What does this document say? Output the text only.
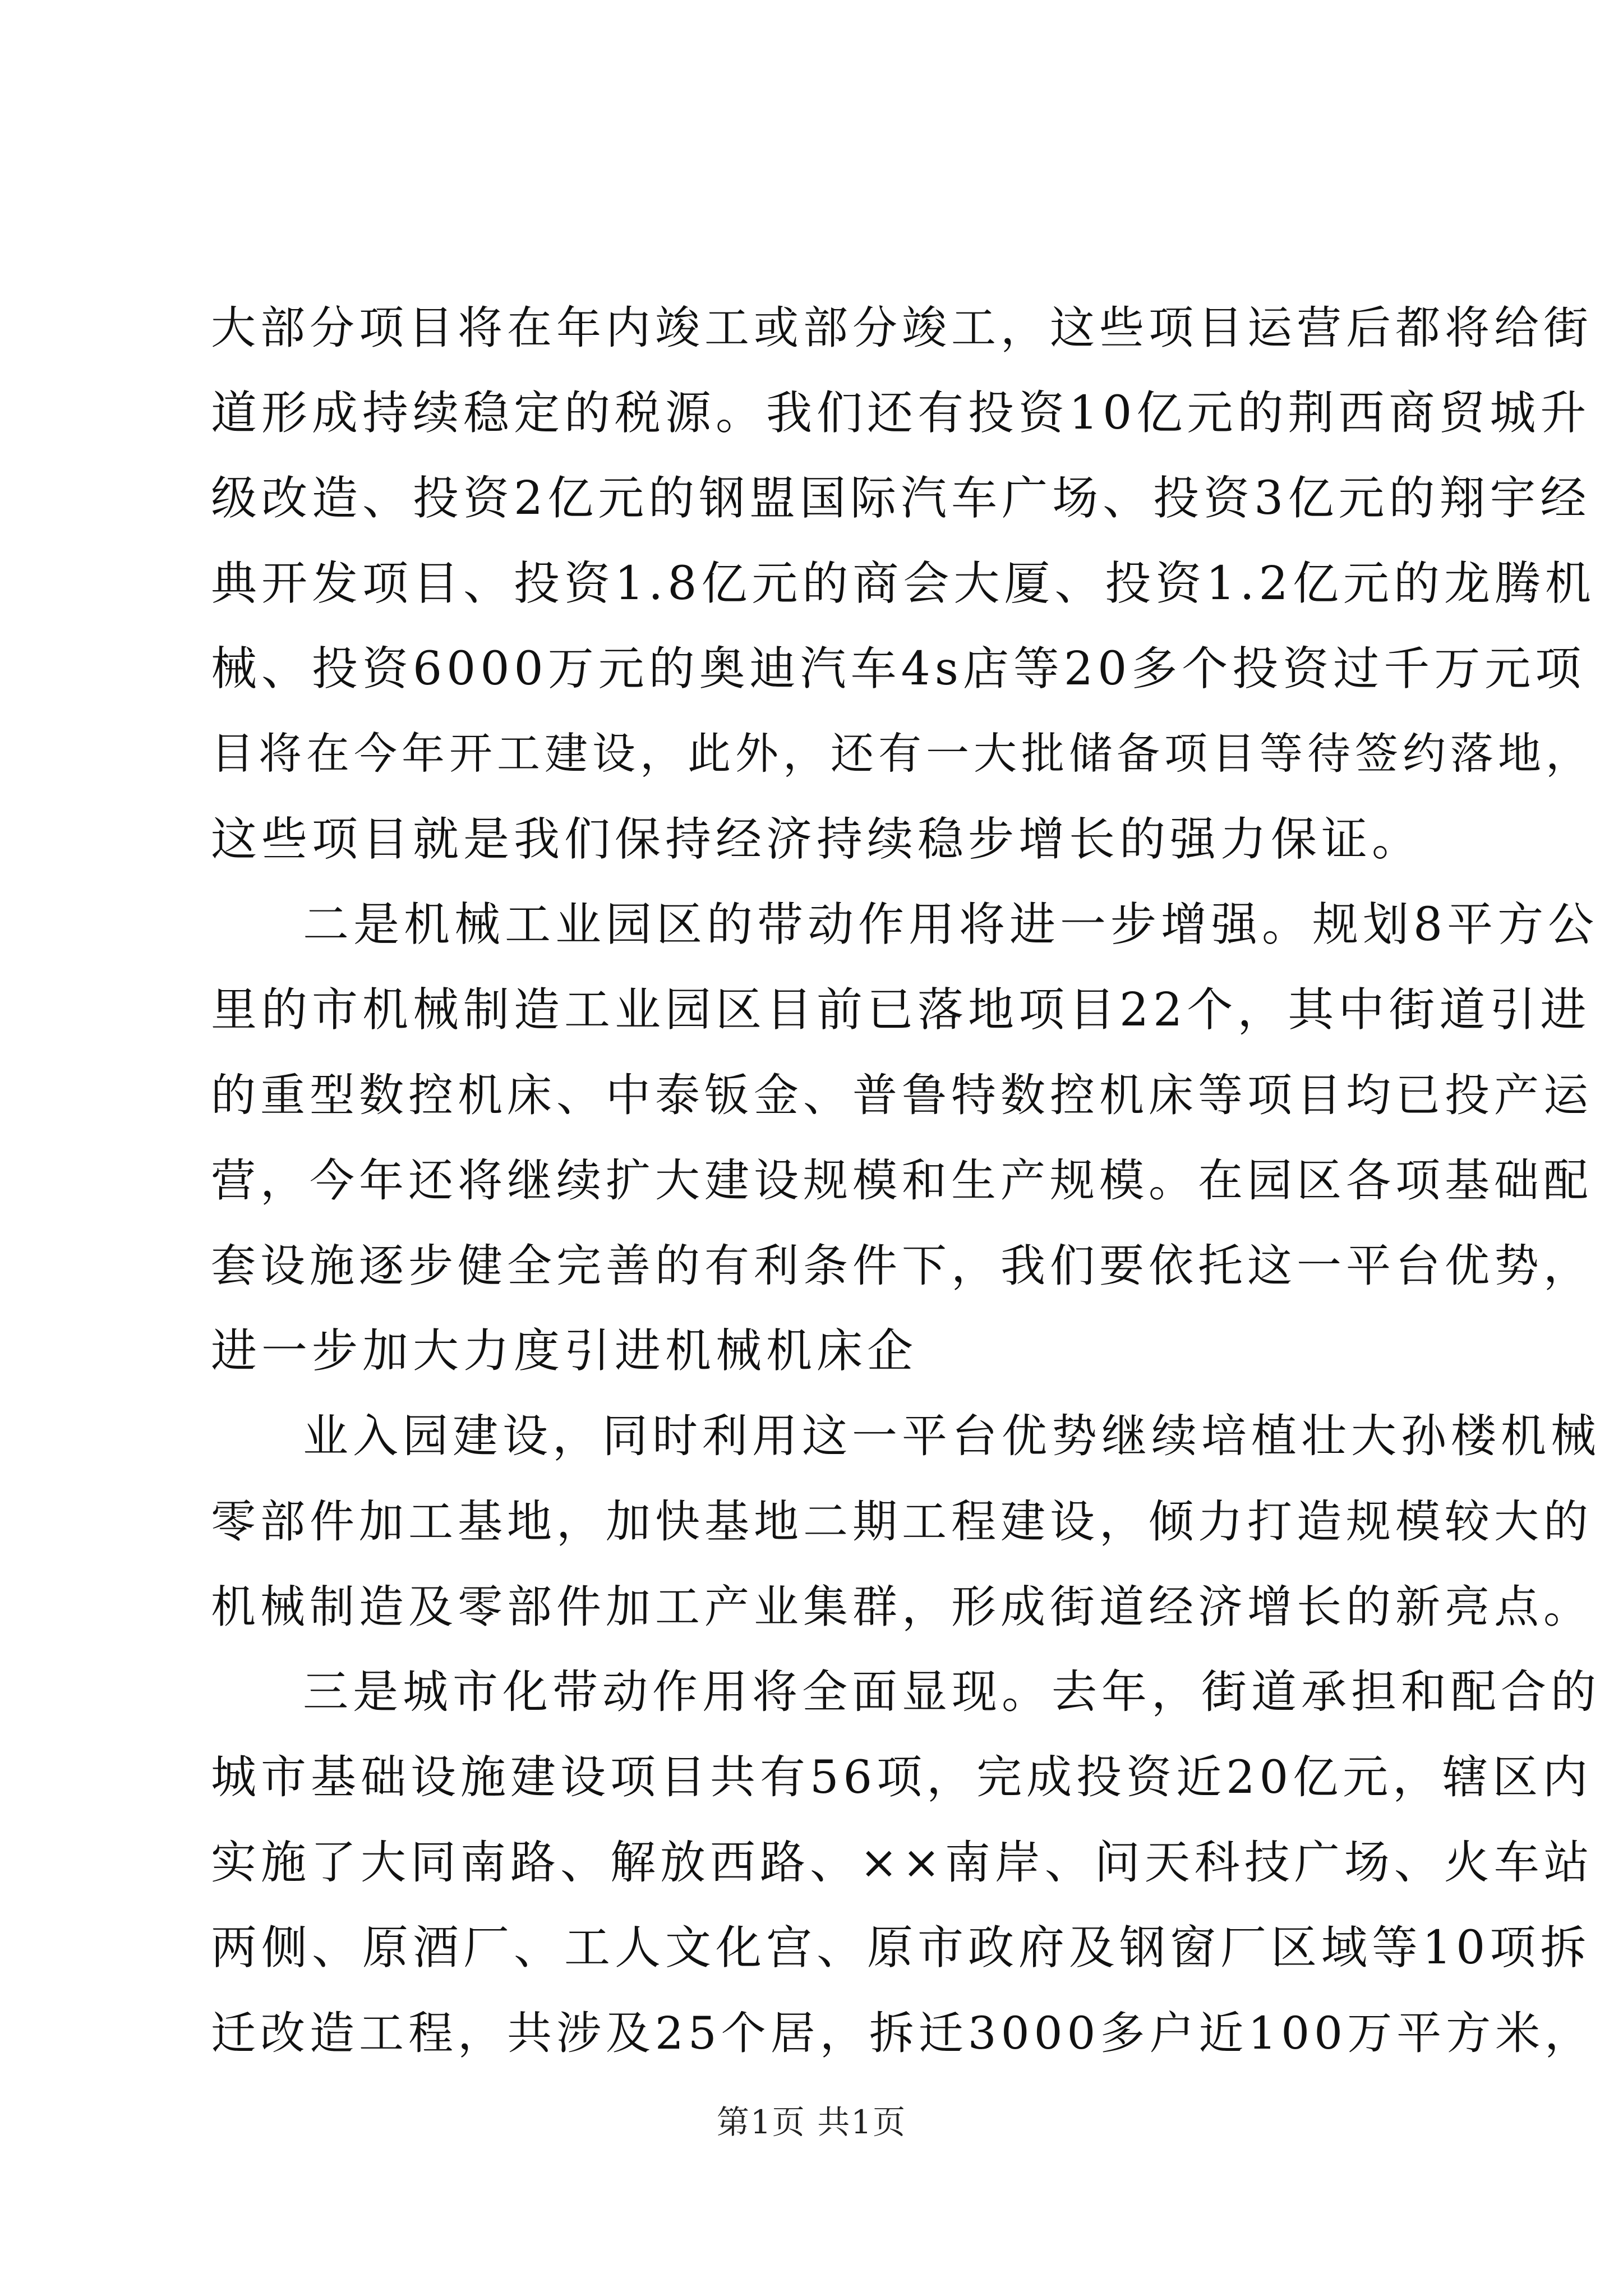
大部分项目将在年内竣工或部分竣工，这些项目运营后都将给街
道形成持续稳定的税源。我们还有投资10亿元的荆西商贸城升
级改造、投资2亿元的钢盟国际汽车广场、投资3亿元的翔宇经
典开发项目、投资1.8亿元的商会大厦、投资1.2亿元的龙腾机
械、投资6000万元的奥迪汽车4s店等20多个投资过千万元项
目将在今年开工建设，此外，还有一大批储备项目等待签约落地，
这些项目就是我们保持经济持续稳步增长的强力保证。
二是机械工业园区的带动作用将进一步增强。规划8平方公
里的市机械制造工业园区目前已落地项目22个，其中街道引进
的重型数控机床、中泰钣金、普鲁特数控机床等项目均已投产运
营，今年还将继续扩大建设规模和生产规模。在园区各项基础配
套设施逐步健全完善的有利条件下，我们要依托这一平台优势，
进一步加大力度引进机械机床企
业入园建设，同时利用这一平台优势继续培植壮大孙楼机械
零部件加工基地，加快基地二期工程建设，倾力打造规模较大的
机械制造及零部件加工产业集群，形成街道经济增长的新亮点。
三是城市化带动作用将全面显现。去年，街道承担和配合的
城市基础设施建设项目共有56项，完成投资近20亿元，辖区内
实施了大同南路、解放西路、××南岸、问天科技广场、火车站
两侧、原酒厂、工人文化宫、原市政府及钢窗厂区域等10项拆
迁改造工程，共涉及25个居，拆迁3000多户近100万平方米，
第1页 共1页
